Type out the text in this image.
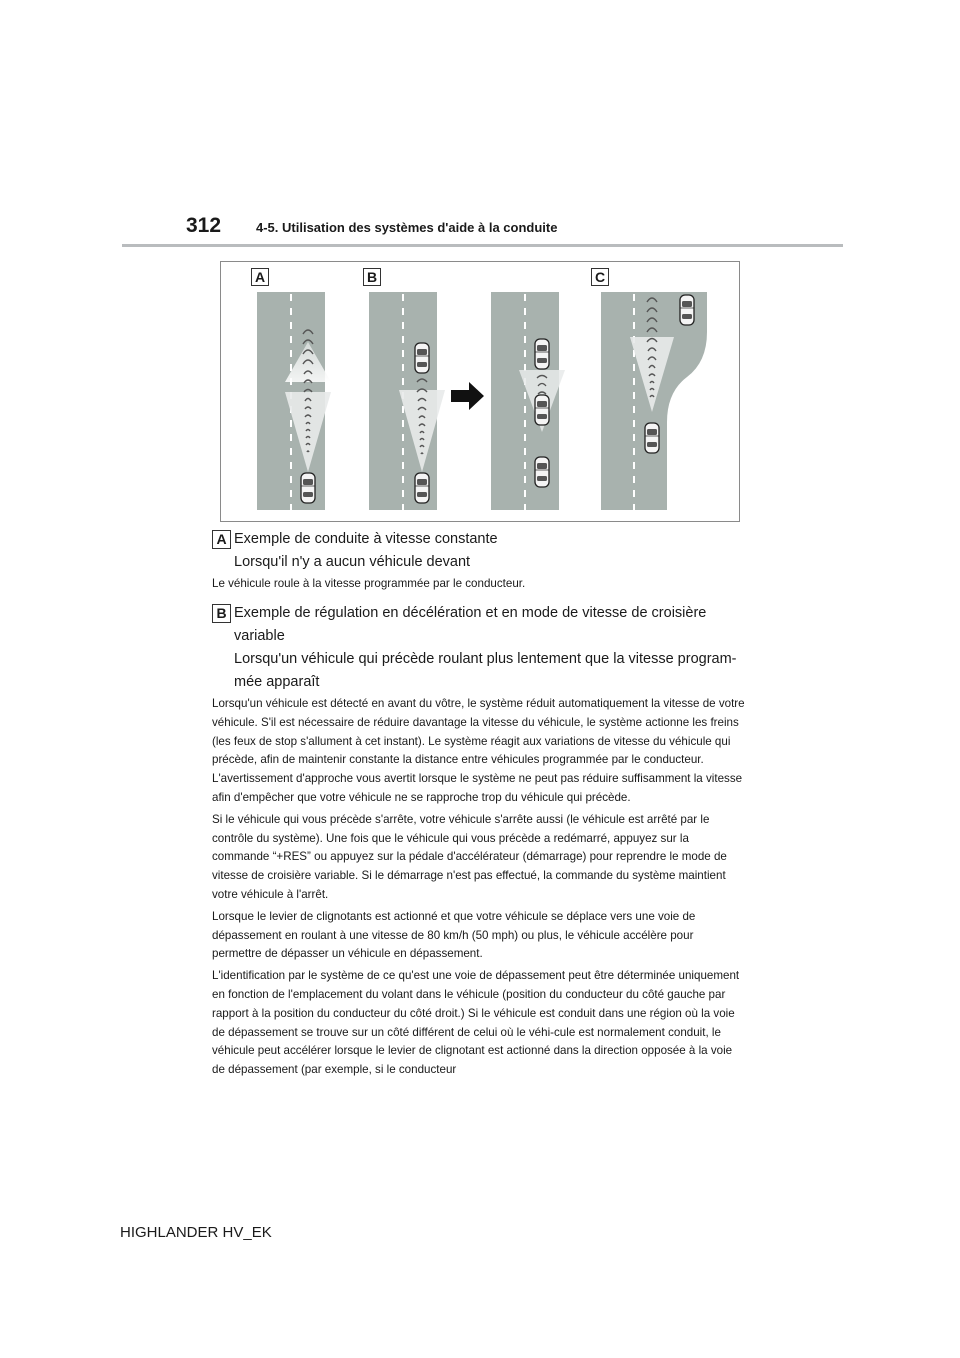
312	4-5. Utilisation des systèmes d'aide à la conduite
A	B	C
A Exemple de conduite à vitesse constante
Lorsqu'il n'y a aucun véhicule devant

Le véhicule roule à la vitesse programmée par le conducteur.

B Exemple de régulation en décélération et en mode de vitesse de croisière
variable
Lorsqu'un véhicule qui précède roulant plus lentement que la vitesse program-
mée apparaît

Lorsqu'un véhicule est détecté en avant du vôtre, le système réduit automatiquement la vitesse de votre véhicule. S'il est nécessaire de réduire davantage la vitesse du véhicule, le système actionne les freins (les feux de stop s'allument à cet instant). Le système réagit aux variations de vitesse du véhicule qui précède, afin de maintenir constante la distance entre véhicules programmée par le conducteur. L'avertissement d'approche vous avertit lorsque le système ne peut pas réduire suffisamment la vitesse afin d'empêcher que votre véhicule ne se rapproche trop du véhicule qui précède.

Si le véhicule qui vous précède s'arrête, votre véhicule s'arrête aussi (le véhicule est arrêté par le contrôle du système). Une fois que le véhicule qui vous précède a redémarré, appuyez sur la commande “+RES” ou appuyez sur la pédale d'accélérateur (démarrage) pour reprendre le mode de vitesse de croisière variable. Si le démarrage n'est pas effectué, la commande du système maintient votre véhicule à l'arrêt.

Lorsque le levier de clignotants est actionné et que votre véhicule se déplace vers une voie de dépassement en roulant à une vitesse de 80 km/h (50 mph) ou plus, le véhicule accélère pour permettre de dépasser un véhicule en dépassement.

L'identification par le système de ce qu'est une voie de dépassement peut être déterminée uniquement en fonction de l'emplacement du volant dans le véhicule (position du conducteur du côté gauche par rapport à la position du conducteur du côté droit.) Si le véhicule est conduit dans une région où la voie de dépassement se trouve sur un côté différent de celui où le véhi-cule est normalement conduit, le véhicule peut accélérer lorsque le levier de clignotant est actionné dans la direction opposée à la voie de dépassement (par exemple, si le conducteur

HIGHLANDER HV_EK
